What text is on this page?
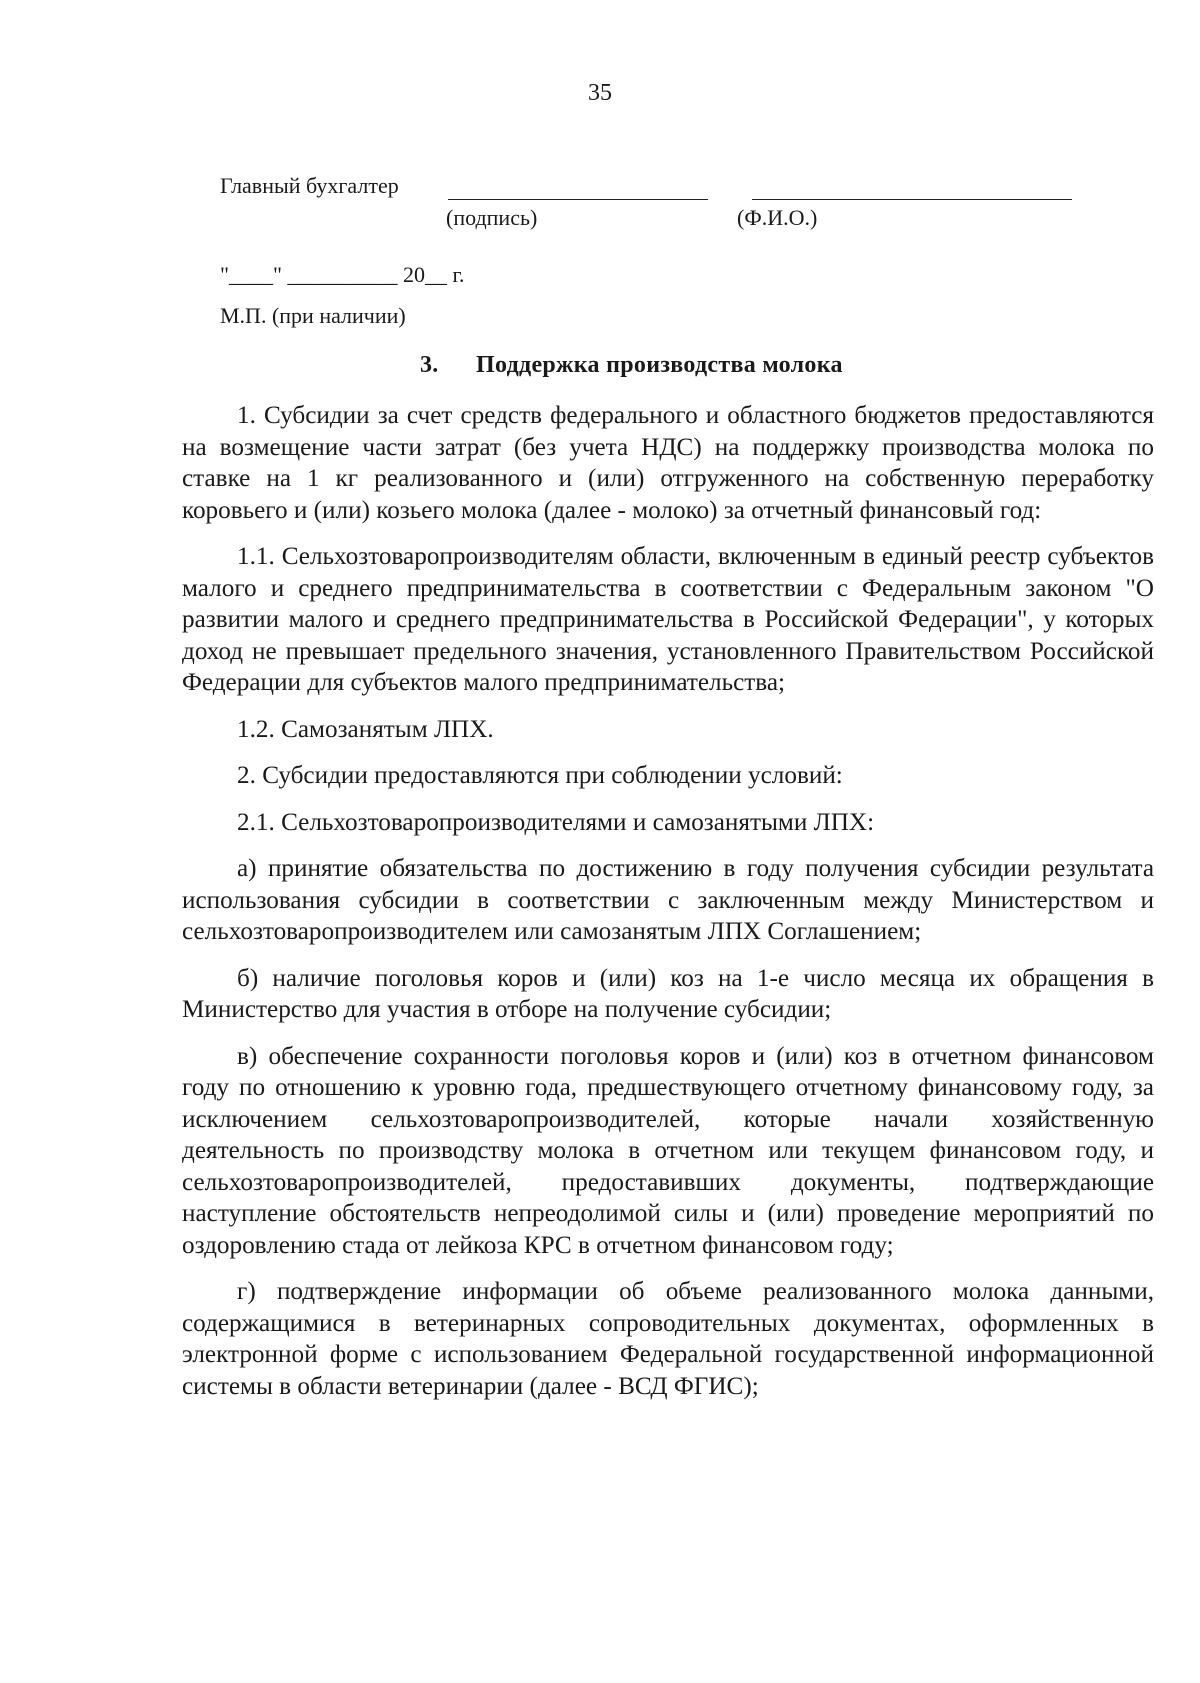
35
Главный бухгалтер
(подпись)	(Ф.И.О.)
"____" __________ 20__ г.
М.П. (при наличии)
3. Поддержка производства молока

1. Субсидии за счет средств федерального и областного бюджетов предоставляются на возмещение части затрат (без учета НДС) на поддержку производства молока по ставке на 1 кг реализованного и (или) отгруженного на собственную переработку коровьего и (или) козьего молока (далее - молоко) за отчетный финансовый год:

1.1. Сельхозтоваропроизводителям области, включенным в единый реестр субъектов малого и среднего предпринимательства в соответствии с Федеральным законом "О развитии малого и среднего предпринимательства в Российской Федерации", у которых доход не превышает предельного значения, установленного Правительством Российской Федерации для субъектов малого предпринимательства;

1.2. Самозанятым ЛПХ.

2. Субсидии предоставляются при соблюдении условий:

2.1. Сельхозтоваропроизводителями и самозанятыми ЛПХ:

а) принятие обязательства по достижению в году получения субсидии результата использования субсидии в соответствии с заключенным между Министерством и сельхозтоваропроизводителем или самозанятым ЛПХ Соглашением;

б) наличие поголовья коров и (или) коз на 1-е число месяца их обращения в Министерство для участия в отборе на получение субсидии;

в) обеспечение сохранности поголовья коров и (или) коз в отчетном финансовом году по отношению к уровню года, предшествующего отчетному финансовому году, за исключением сельхозтоваропроизводителей, которые начали хозяйственную деятельность по производству молока в отчетном или текущем финансовом году, и сельхозтоваропроизводителей, предоставивших документы, подтверждающие наступление обстоятельств непреодолимой силы и (или) проведение мероприятий по оздоровлению стада от лейкоза КРС в отчетном финансовом году;

г) подтверждение информации об объеме реализованного молока данными, содержащимися в ветеринарных сопроводительных документах, оформленных в электронной форме с использованием Федеральной государственной информационной системы в области ветеринарии (далее - ВСД ФГИС);
